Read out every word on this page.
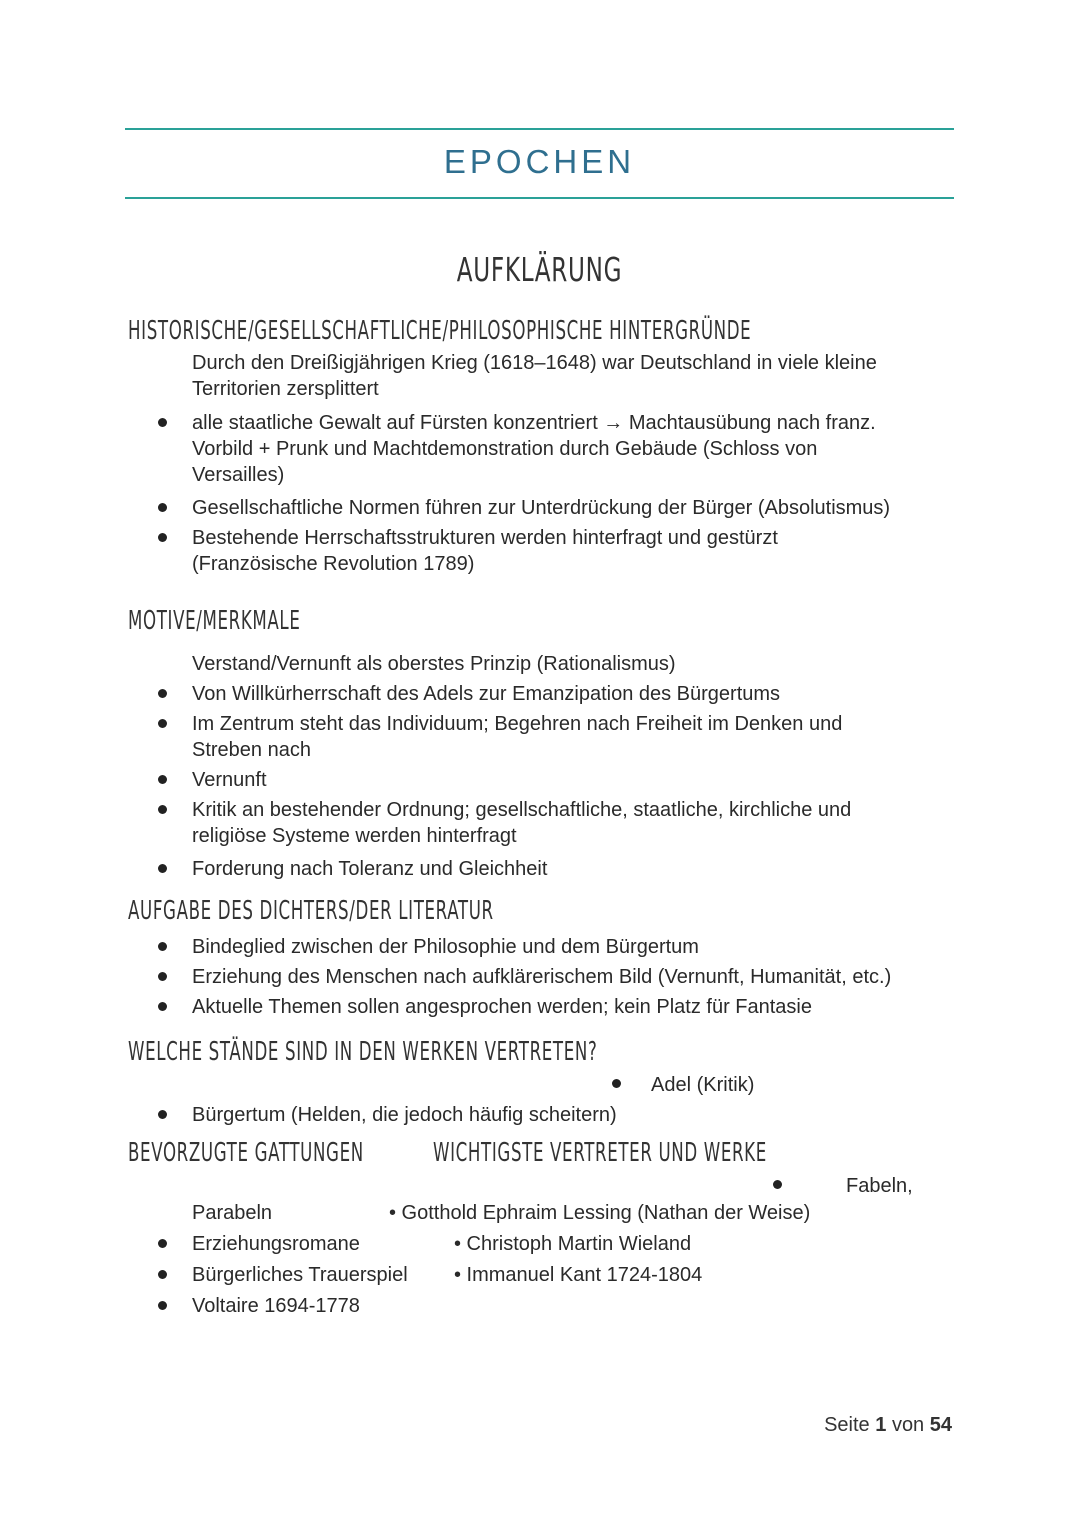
EPOCHEN
AUFKLÄRUNG
HISTORISCHE/GESELLSCHAFTLICHE/PHILOSOPHISCHE HINTERGRÜNDE
Durch den Dreißigjährigen Krieg (1618–1648) war Deutschland in viele kleine
Territorien zersplittert
alle staatliche Gewalt auf Fürsten konzentriert → Machtausübung nach franz.
Vorbild + Prunk und Machtdemonstration durch Gebäude (Schloss von
Versailles)
Gesellschaftliche Normen führen zur Unterdrückung der Bürger (Absolutismus)
Bestehende Herrschaftsstrukturen werden hinterfragt und gestürzt
(Französische Revolution 1789)
MOTIVE/MERKMALE
Verstand/Vernunft als oberstes Prinzip (Rationalismus)
Von Willkürherrschaft des Adels zur Emanzipation des Bürgertums
Im Zentrum steht das Individuum; Begehren nach Freiheit im Denken und
Streben nach
Vernunft
Kritik an bestehender Ordnung; gesellschaftliche, staatliche, kirchliche und
religiöse Systeme werden hinterfragt
Forderung nach Toleranz und Gleichheit
AUFGABE DES DICHTERS/DER LITERATUR
Bindeglied zwischen der Philosophie und dem Bürgertum
Erziehung des Menschen nach aufklärerischem Bild (Vernunft, Humanität, etc.)
Aktuelle Themen sollen angesprochen werden; kein Platz für Fantasie
WELCHE STÄNDE SIND IN DEN WERKEN VERTRETEN?
Adel (Kritik)
Bürgertum (Helden, die jedoch häufig scheitern)
BEVORZUGTE GATTUNGEN	WICHTIGSTE VERTRETER UND WERKE
Fabeln,
Parabeln	• Gotthold Ephraim Lessing (Nathan der Weise)
Erziehungsromane	• Christoph Martin Wieland
Bürgerliches Trauerspiel • Immanuel Kant 1724-1804
Voltaire 1694-1778
Seite 1 von 54
